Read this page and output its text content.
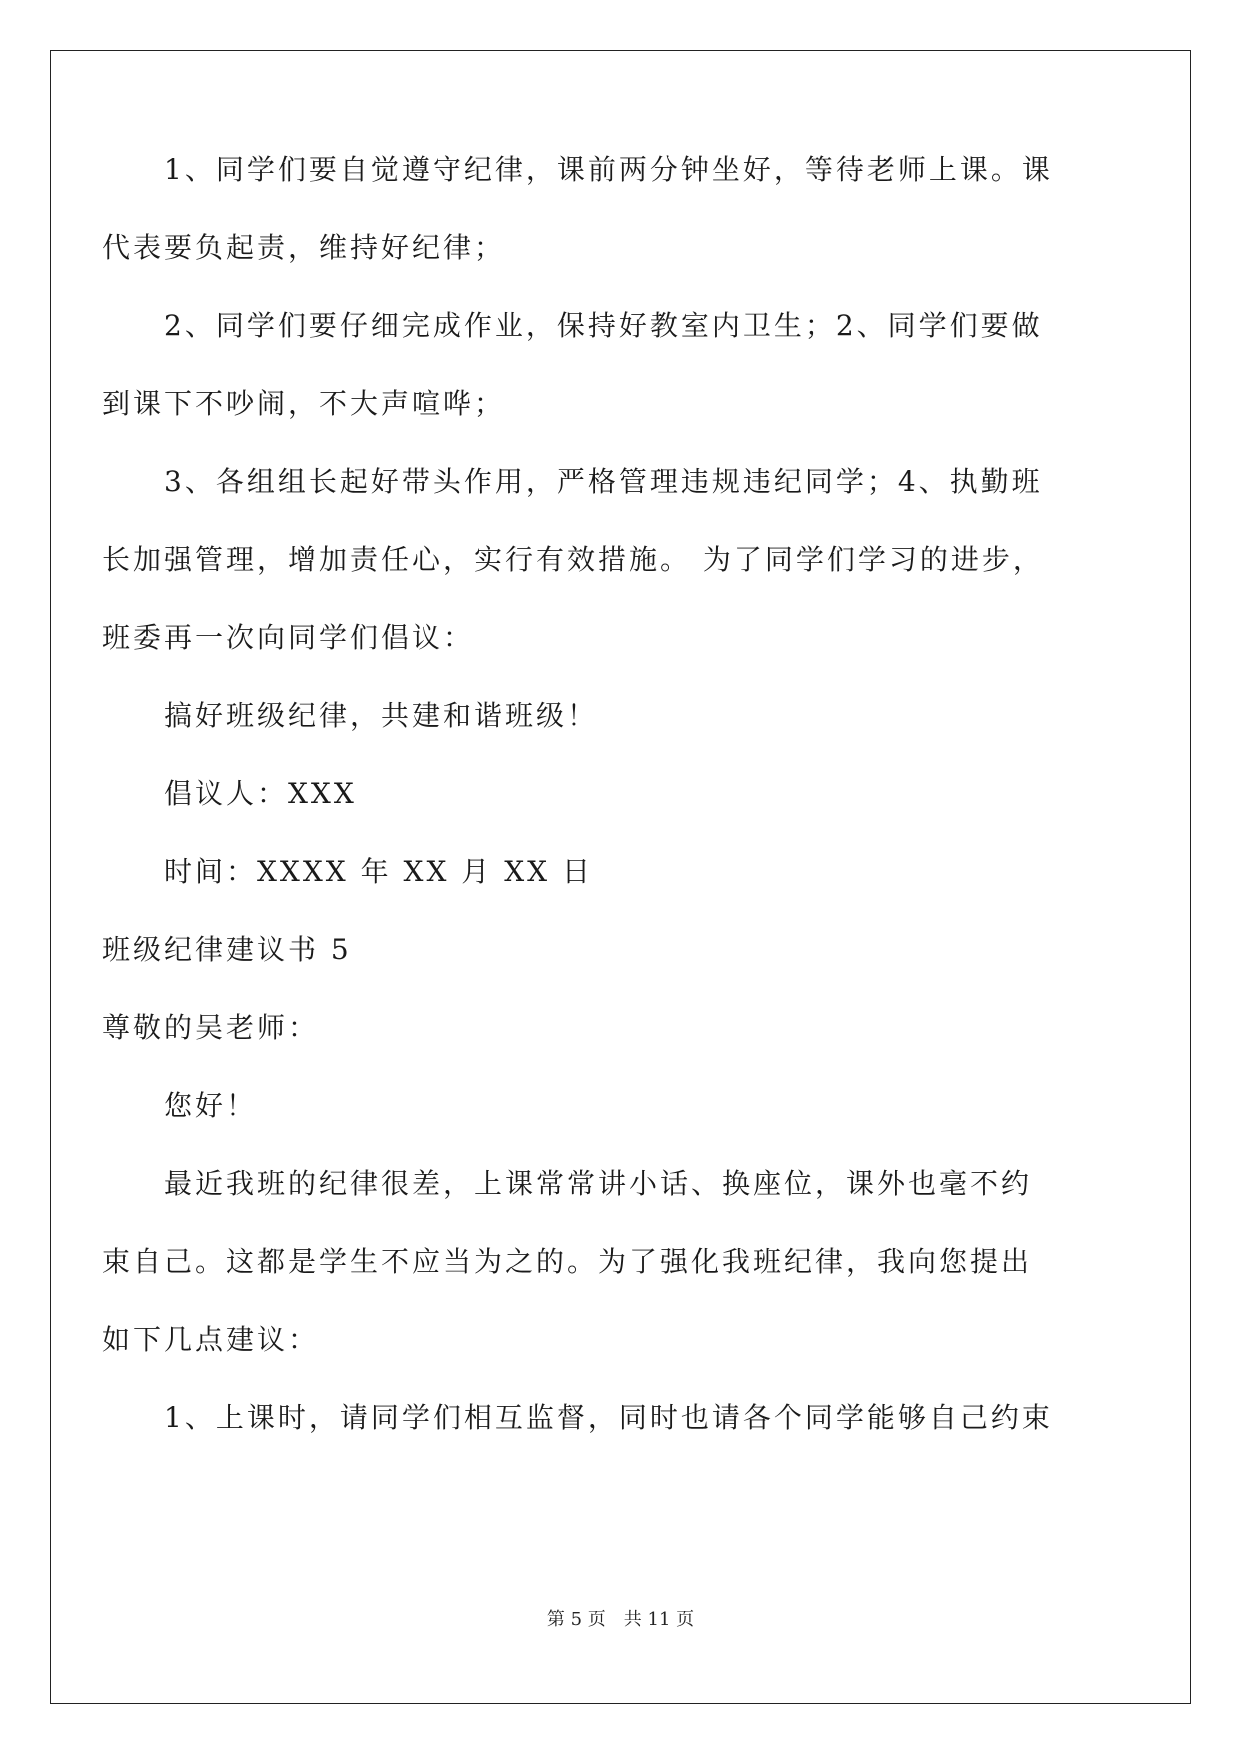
1、同学们要自觉遵守纪律，课前两分钟坐好，等待老师上课。课
代表要负起责，维持好纪律；
2、同学们要仔细完成作业，保持好教室内卫生；2、同学们要做
到课下不吵闹，不大声喧哗；
3、各组组长起好带头作用，严格管理违规违纪同学；4、执勤班
长加强管理，增加责任心，实行有效措施。 为了同学们学习的进步，
班委再一次向同学们倡议：
搞好班级纪律，共建和谐班级！
倡议人：XXX
时间：XXXX 年 XX 月 XX 日
班级纪律建议书 5
尊敬的吴老师：
您好！
最近我班的纪律很差，上课常常讲小话、换座位，课外也毫不约
束自己。这都是学生不应当为之的。为了强化我班纪律，我向您提出
如下几点建议：
1、上课时，请同学们相互监督，同时也请各个同学能够自己约束
第 5 页 共 11 页
